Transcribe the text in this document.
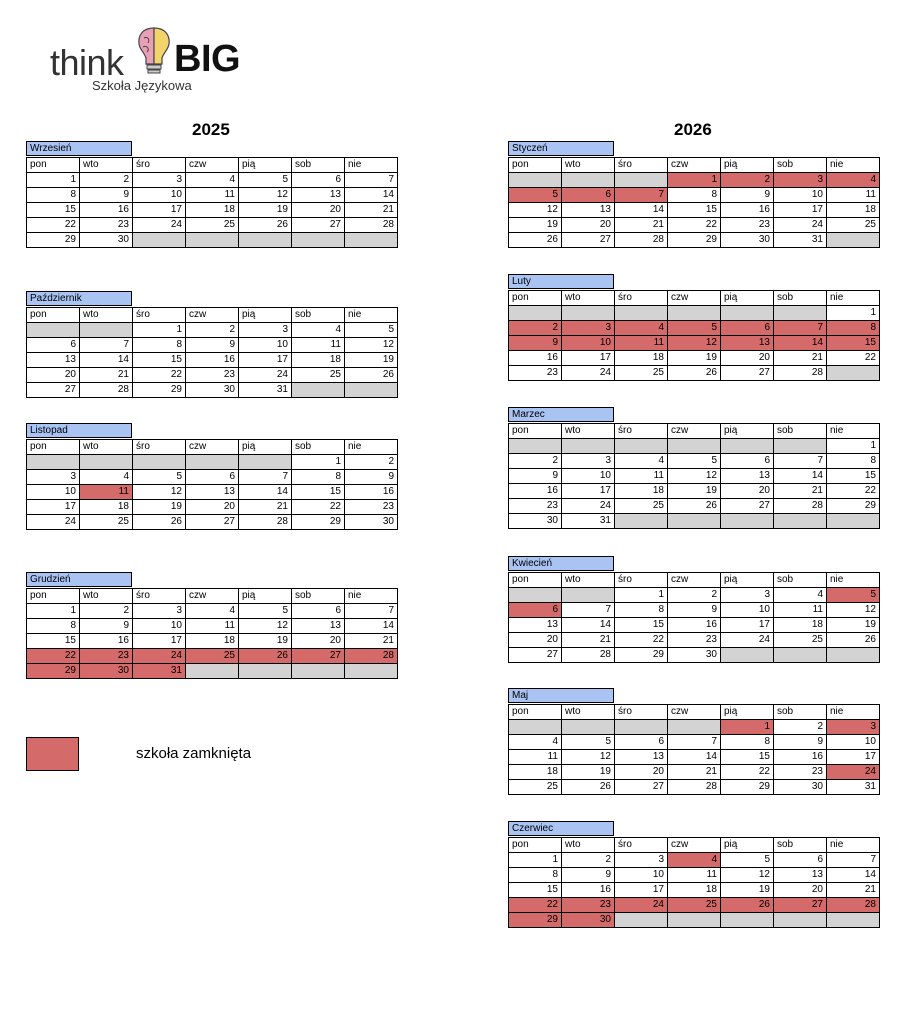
think BIG
Szkoła Językowa
2025	2026
Wrzesień
pon	wto	śro	czw	pią	sob	nie
1	2	3	4	5	6	7
8	9	10	11	12	13	14
15	16	17	18	19	20	21
22	23	24	25	26	27	28
29	30					
Październik
pon	wto	śro	czw	pią	sob	nie
		1	2	3	4	5
6	7	8	9	10	11	12
13	14	15	16	17	18	19
20	21	22	23	24	25	26
27	28	29	30	31		
Listopad
pon	wto	śro	czw	pią	sob	nie
					1	2
3	4	5	6	7	8	9
10	11	12	13	14	15	16
17	18	19	20	21	22	23
24	25	26	27	28	29	30
Grudzień
pon	wto	śro	czw	pią	sob	nie
1	2	3	4	5	6	7
8	9	10	11	12	13	14
15	16	17	18	19	20	21
22	23	24	25	26	27	28
29	30	31				
Styczeń
pon	wto	śro	czw	pią	sob	nie
			1	2	3	4
5	6	7	8	9	10	11
12	13	14	15	16	17	18
19	20	21	22	23	24	25
26	27	28	29	30	31	
Luty
pon	wto	śro	czw	pią	sob	nie
						1
2	3	4	5	6	7	8
9	10	11	12	13	14	15
16	17	18	19	20	21	22
23	24	25	26	27	28	
Marzec
pon	wto	śro	czw	pią	sob	nie
						1
2	3	4	5	6	7	8
9	10	11	12	13	14	15
16	17	18	19	20	21	22
23	24	25	26	27	28	29
30	31					
Kwiecień
pon	wto	śro	czw	pią	sob	nie
		1	2	3	4	5
6	7	8	9	10	11	12
13	14	15	16	17	18	19
20	21	22	23	24	25	26
27	28	29	30			
Maj
pon	wto	śro	czw	pią	sob	nie
				1	2	3
4	5	6	7	8	9	10
11	12	13	14	15	16	17
18	19	20	21	22	23	24
25	26	27	28	29	30	31
Czerwiec
pon	wto	śro	czw	pią	sob	nie
1	2	3	4	5	6	7
8	9	10	11	12	13	14
15	16	17	18	19	20	21
22	23	24	25	26	27	28
29	30					
szkoła zamknięta
